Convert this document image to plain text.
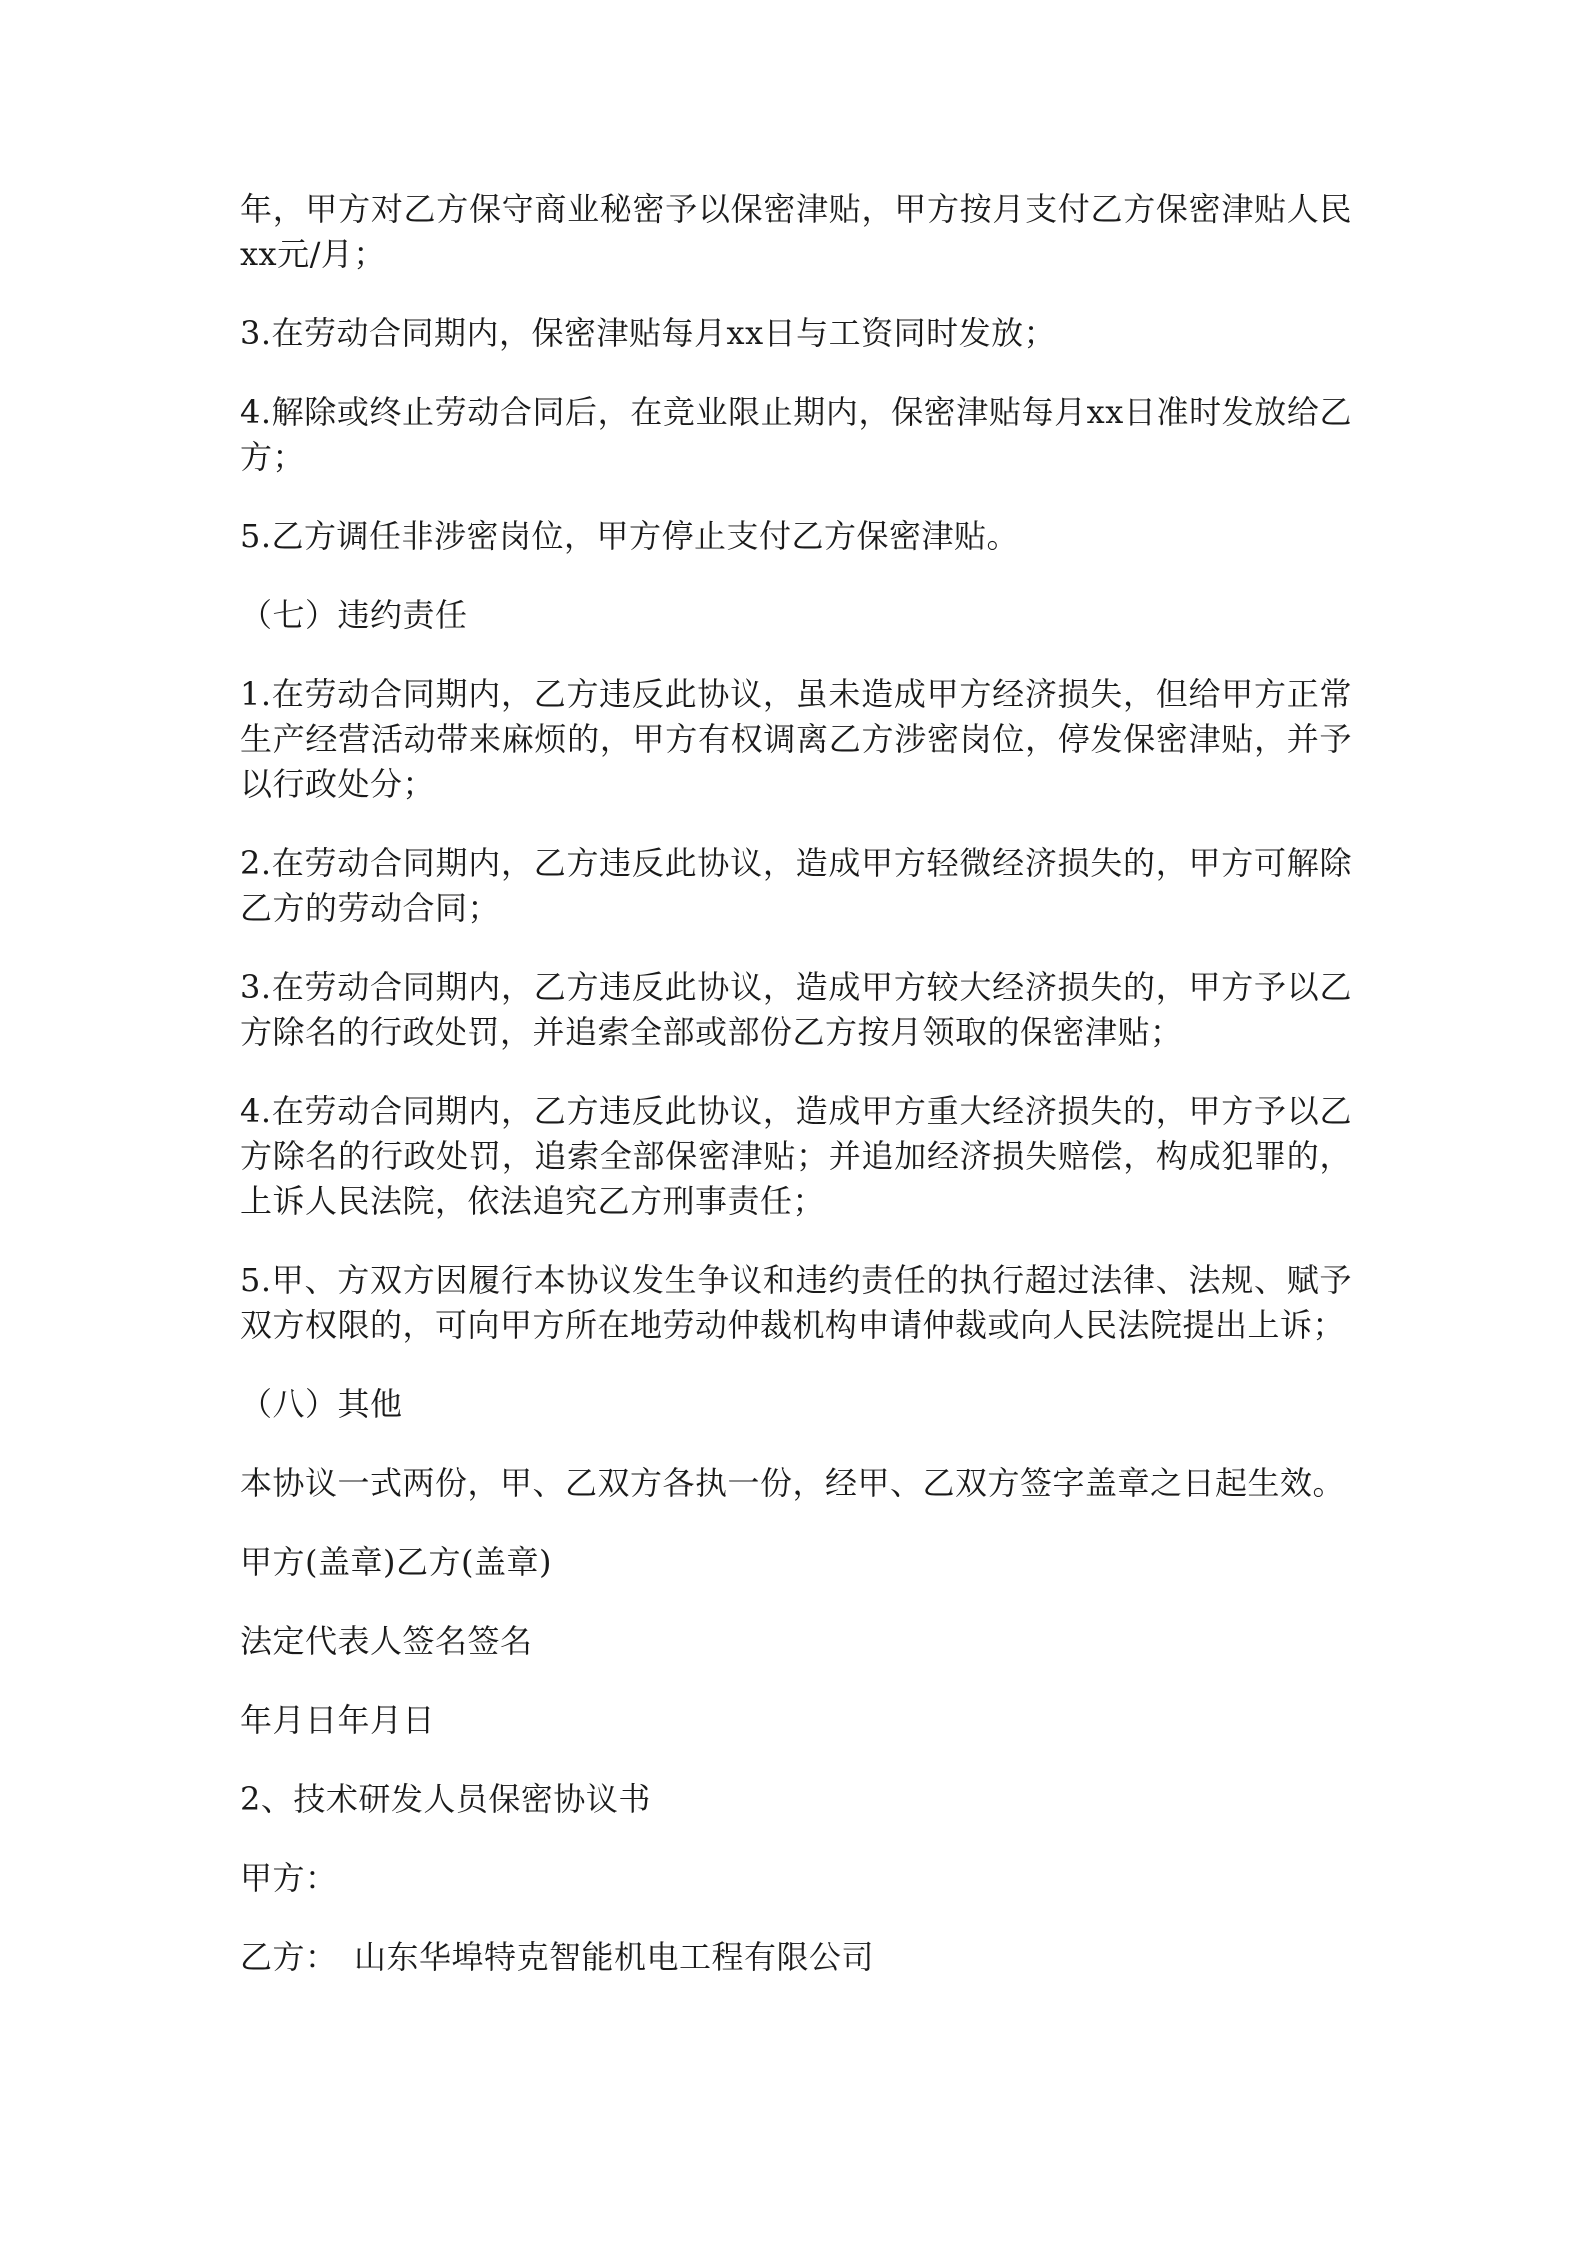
年，甲方对乙方保守商业秘密予以保密津贴，甲方按月支付乙方保密津贴人民xx元/月；

3.在劳动合同期内，保密津贴每月xx日与工资同时发放；

4.解除或终止劳动合同后，在竞业限止期内，保密津贴每月xx日准时发放给乙方；

5.乙方调任非涉密岗位，甲方停止支付乙方保密津贴。

（七）违约责任

1.在劳动合同期内，乙方违反此协议，虽未造成甲方经济损失，但给甲方正常生产经营活动带来麻烦的，甲方有权调离乙方涉密岗位，停发保密津贴，并予以行政处分；

2.在劳动合同期内，乙方违反此协议，造成甲方轻微经济损失的，甲方可解除乙方的劳动合同；

3.在劳动合同期内，乙方违反此协议，造成甲方较大经济损失的，甲方予以乙方除名的行政处罚，并追索全部或部份乙方按月领取的保密津贴；

4.在劳动合同期内，乙方违反此协议，造成甲方重大经济损失的，甲方予以乙方除名的行政处罚，追索全部保密津贴；并追加经济损失赔偿，构成犯罪的，上诉人民法院，依法追究乙方刑事责任；

5.甲、方双方因履行本协议发生争议和违约责任的执行超过法律、法规、赋予双方权限的，可向甲方所在地劳动仲裁机构申请仲裁或向人民法院提出上诉；

（八）其他

本协议一式两份，甲、乙双方各执一份，经甲、乙双方签字盖章之日起生效。

甲方(盖章)乙方(盖章)

法定代表人签名签名

年月日年月日

2、技术研发人员保密协议书

甲方：

乙方：　山东华埠特克智能机电工程有限公司
